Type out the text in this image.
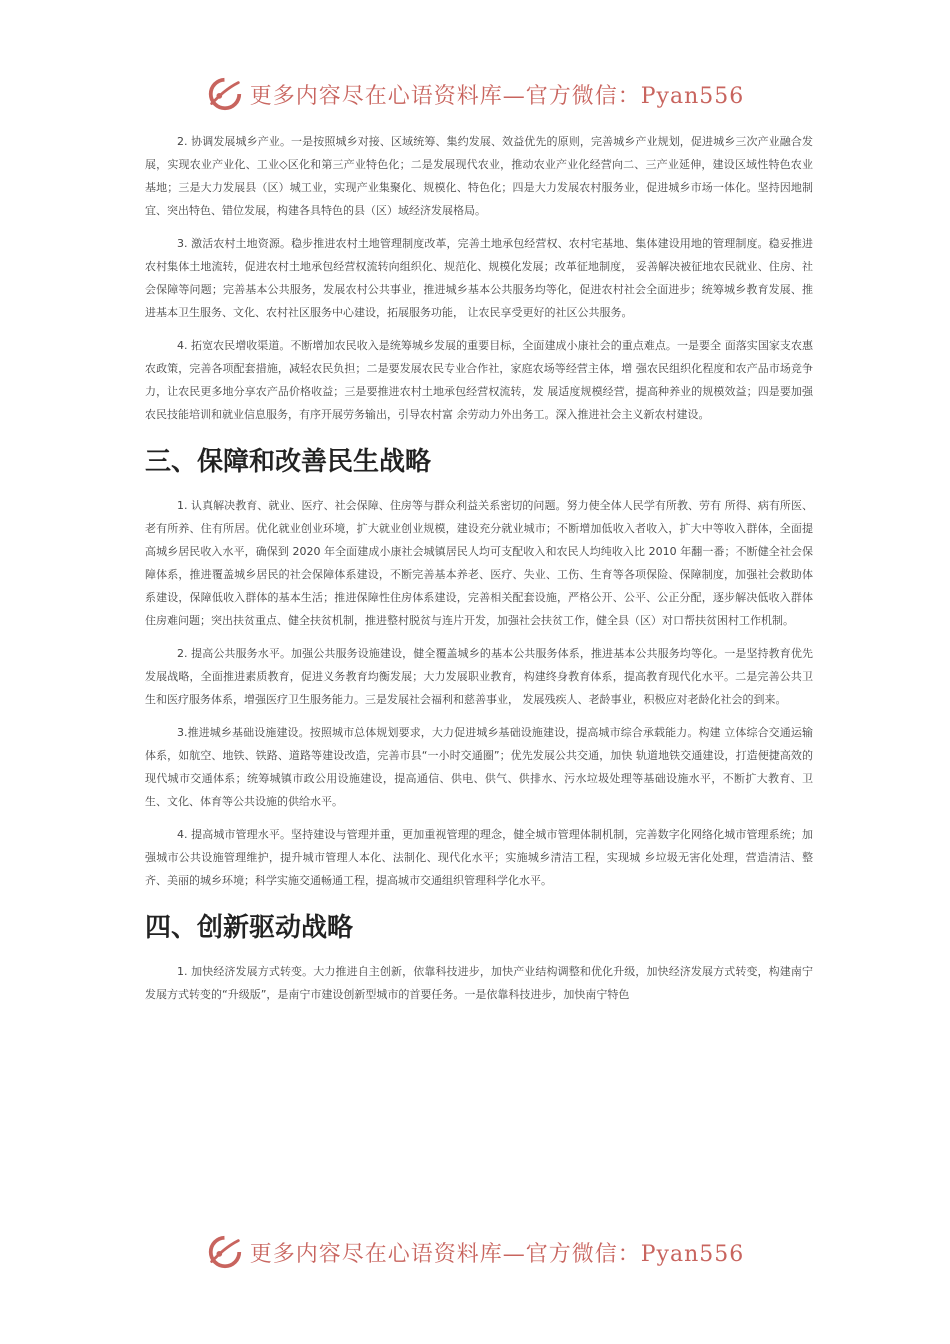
更多内容尽在心语资料库—官方微信：Pyan556

2. 协调发展城乡产业。一是按照城乡对接、区域统筹、集约发展、效益优先的原则，完善城乡产业规划，促进城乡三次产业融合发展，实现农业产业化、工业◇区化和第三产业特色化；二是发展现代农业，推动农业产业化经营向二、三产业延伸，建设区域性特色农业基地；三是大力发展县（区）城工业，实现产业集聚化、规模化、特色化；四是大力发展农村服务业，促进城乡市场一体化。坚持因地制宜、突出特色、错位发展，构建各具特色的县（区）域经济发展格局。

3. 激活农村土地资源。稳步推进农村土地管理制度改革，完善土地承包经营权、农村宅基地、集体建设用地的管理制度。稳妥推进农村集体土地流转，促进农村土地承包经营权流转向组织化、规范化、规模化发展；改革征地制度， 妥善解决被征地农民就业、住房、社会保障等问题；完善基本公共服务，发展农村公共事业，推进城乡基本公共服务均等化，促进农村社会全面进步；统筹城乡教育发展、推进基本卫生服务、文化、农村社区服务中心建设，拓展服务功能， 让农民享受更好的社区公共服务。

4. 拓宽农民增收渠道。不断增加农民收入是统筹城乡发展的重要目标，全面建成小康社会的重点难点。一是要全 面落实国家支农惠农政策，完善各项配套措施，减轻农民负担；二是要发展农民专业合作社，家庭农场等经营主体，增 强农民组织化程度和农产品市场竞争力，让农民更多地分享农产品价格收益；三是要推进农村土地承包经营权流转，发 展适度规模经营，提高种养业的规模效益；四是要加强农民技能培训和就业信息服务，有序开展劳务输出，引导农村富 余劳动力外出务工。深入推进社会主义新农村建设。

三、保障和改善民生战略

1. 认真解决教育、就业、医疗、社会保障、住房等与群众利益关系密切的问题。努力使全体人民学有所教、劳有 所得、病有所医、老有所养、住有所居。优化就业创业环境，扩大就业创业规模，建设充分就业城市；不断增加低收入者收入，扩大中等收入群体，全面提高城乡居民收入水平，确保到 2020 年全面建成小康社会城镇居民人均可支配收入和农民人均纯收入比 2010 年翻一番；不断健全社会保障体系，推进覆盖城乡居民的社会保障体系建设，不断完善基本养老、医疗、失业、工伤、生育等各项保险、保障制度，加强社会救助体系建设，保障低收入群体的基本生活；推进保障性住房体系建设，完善相关配套设施，严格公开、公平、公正分配，逐步解决低收入群体住房难问题；突出扶贫重点、健全扶贫机制，推进整村脱贫与连片开发，加强社会扶贫工作，健全县（区）对口帮扶贫困村工作机制。

2. 提高公共服务水平。加强公共服务设施建设，健全覆盖城乡的基本公共服务体系，推进基本公共服务均等化。一是坚持教育优先发展战略，全面推进素质教育，促进义务教育均衡发展；大力发展职业教育，构建终身教育体系，提高教育现代化水平。二是完善公共卫生和医疗服务体系，增强医疗卫生服务能力。三是发展社会福利和慈善事业， 发展残疾人、老龄事业，积极应对老龄化社会的到来。

3.推进城乡基础设施建设。按照城市总体规划要求，大力促进城乡基础设施建设，提高城市综合承载能力。构建 立体综合交通运输体系，如航空、地铁、铁路、道路等建设改造，完善市县“一小时交通圈”；优先发展公共交通，加快 轨道地铁交通建设，打造便捷高效的现代城市交通体系；统筹城镇市政公用设施建设，提高通信、供电、供气、供排水、污水垃圾处理等基础设施水平，不断扩大教育、卫生、文化、体育等公共设施的供给水平。

4. 提高城市管理水平。坚持建设与管理并重，更加重视管理的理念，健全城市管理体制机制，完善数字化网络化城市管理系统；加强城市公共设施管理维护，提升城市管理人本化、法制化、现代化水平；实施城乡清洁工程，实现城 乡垃圾无害化处理，营造清洁、整齐、美丽的城乡环境；科学实施交通畅通工程，提高城市交通组织管理科学化水平。

四、创新驱动战略

1. 加快经济发展方式转变。大力推进自主创新，依靠科技进步，加快产业结构调整和优化升级，加快经济发展方式转变，构建南宁发展方式转变的“升级版”，是南宁市建设创新型城市的首要任务。一是依靠科技进步，加快南宁特色

更多内容尽在心语资料库—官方微信：Pyan556
